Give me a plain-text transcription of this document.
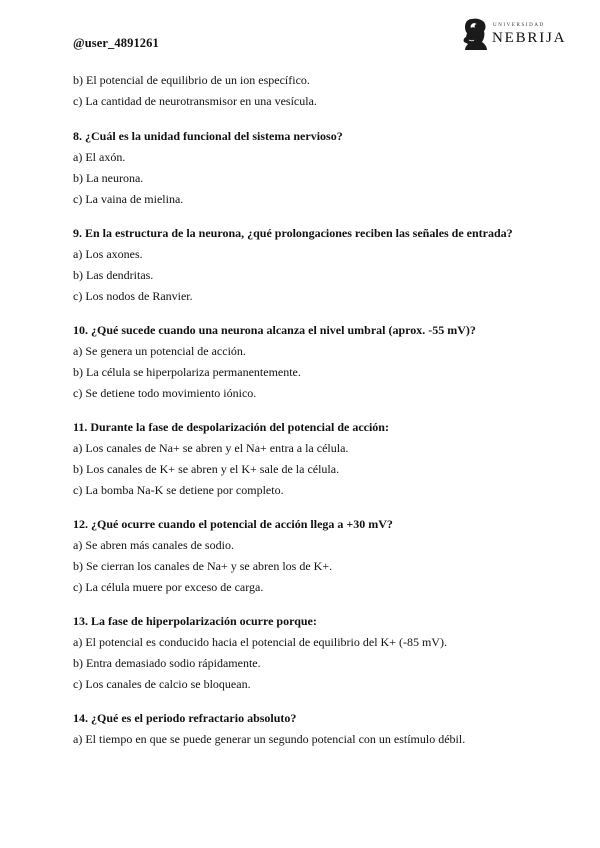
@user_4891261
UNIVERSIDAD
NEBRIJA
b) El potencial de equilibrio de un ion específico.
c) La cantidad de neurotransmisor en una vesícula.
8. ¿Cuál es la unidad funcional del sistema nervioso?
a) El axón.
b) La neurona.
c) La vaina de mielina.
9. En la estructura de la neurona, ¿qué prolongaciones reciben las señales de entrada?
a) Los axones.
b) Las dendritas.
c) Los nodos de Ranvier.
10. ¿Qué sucede cuando una neurona alcanza el nivel umbral (aprox. -55 mV)?
a) Se genera un potencial de acción.
b) La célula se hiperpolariza permanentemente.
c) Se detiene todo movimiento iónico.
11. Durante la fase de despolarización del potencial de acción:
a) Los canales de Na+ se abren y el Na+ entra a la célula.
b) Los canales de K+ se abren y el K+ sale de la célula.
c) La bomba Na-K se detiene por completo.
12. ¿Qué ocurre cuando el potencial de acción llega a +30 mV?
a) Se abren más canales de sodio.
b) Se cierran los canales de Na+ y se abren los de K+.
c) La célula muere por exceso de carga.
13. La fase de hiperpolarización ocurre porque:
a) El potencial es conducido hacia el potencial de equilibrio del K+ (-85 mV).
b) Entra demasiado sodio rápidamente.
c) Los canales de calcio se bloquean.
14. ¿Qué es el periodo refractario absoluto?
a) El tiempo en que se puede generar un segundo potencial con un estímulo débil.
